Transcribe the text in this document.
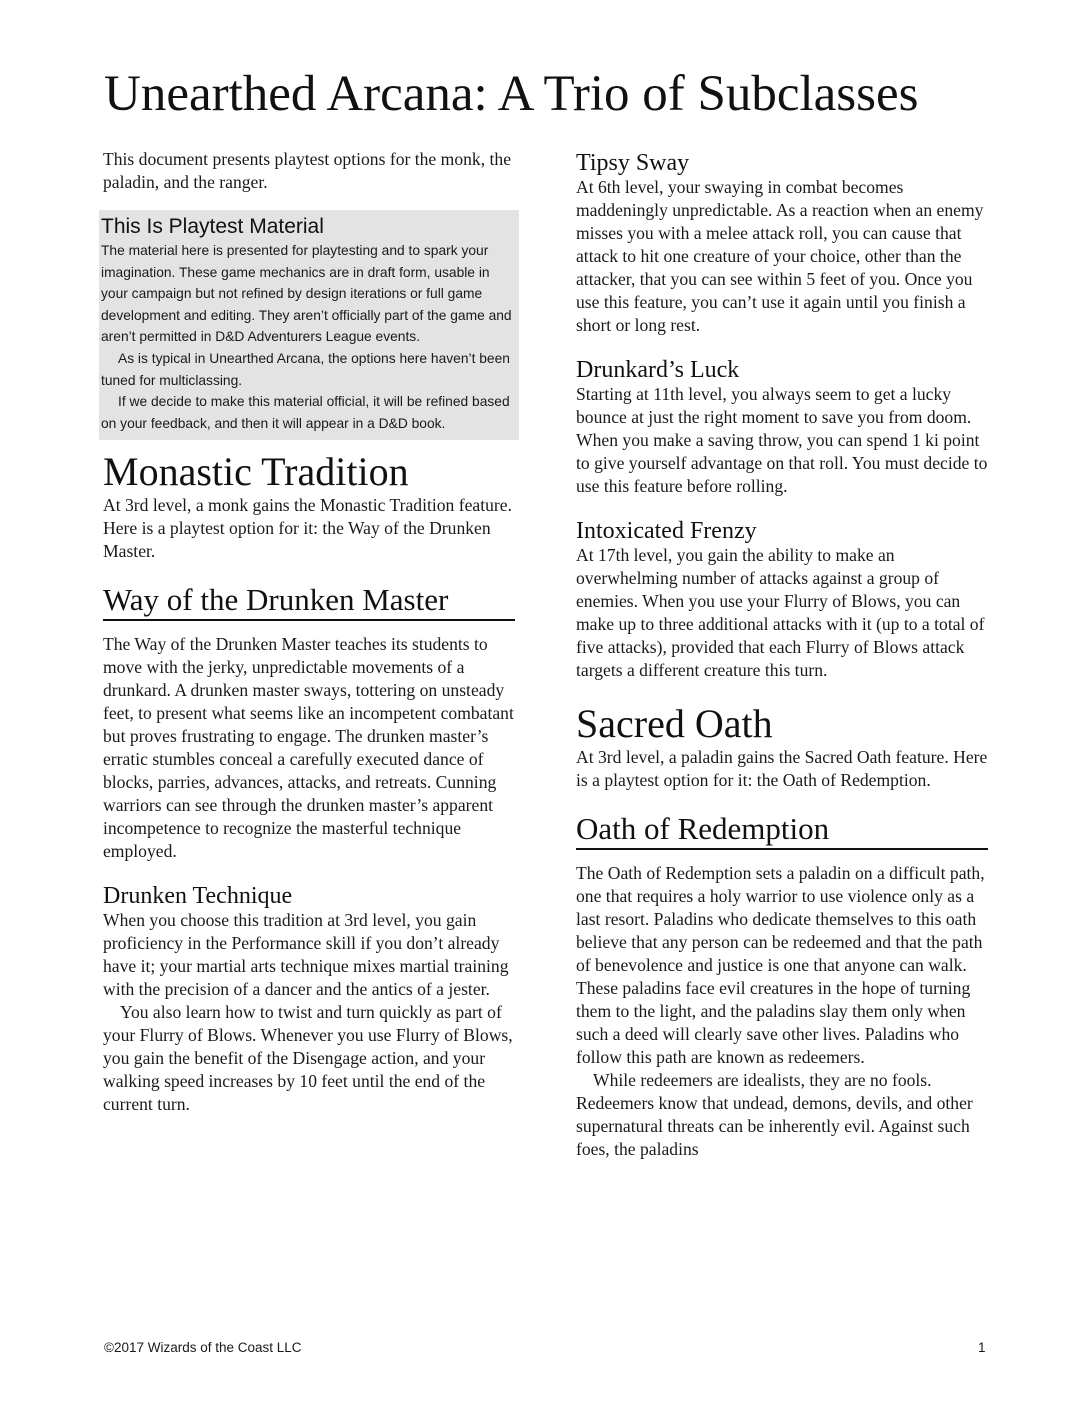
Unearthed Arcana: A Trio of Subclasses

This document presents playtest options for the monk, the paladin, and the ranger.

This Is Playtest Material

The material here is presented for playtesting and to spark your imagination. These game mechanics are in draft form, usable in your campaign but not refined by design iterations or full game development and editing. They aren’t officially part of the game and aren’t permitted in D&D Adventurers League events.

As is typical in Unearthed Arcana, the options here haven’t been tuned for multiclassing.

If we decide to make this material official, it will be refined based on your feedback, and then it will appear in a D&D book.

Monastic Tradition

At 3rd level, a monk gains the Monastic Tradition feature. Here is a playtest option for it: the Way of the Drunken Master.

Way of the Drunken Master

The Way of the Drunken Master teaches its students to move with the jerky, unpredictable movements of a drunkard. A drunken master sways, tottering on unsteady feet, to present what seems like an incompetent combatant but proves frustrating to engage. The drunken master’s erratic stumbles conceal a carefully executed dance of blocks, parries, advances, attacks, and retreats. Cunning warriors can see through the drunken master’s apparent incompetence to recognize the masterful technique employed.

Drunken Technique

When you choose this tradition at 3rd level, you gain proficiency in the Performance skill if you don’t already have it; your martial arts technique mixes martial training with the precision of a dancer and the antics of a jester.

You also learn how to twist and turn quickly as part of your Flurry of Blows. Whenever you use Flurry of Blows, you gain the benefit of the Disengage action, and your walking speed increases by 10 feet until the end of the current turn.

Tipsy Sway

At 6th level, your swaying in combat becomes maddeningly unpredictable. As a reaction when an enemy misses you with a melee attack roll, you can cause that attack to hit one creature of your choice, other than the attacker, that you can see within 5 feet of you. Once you use this feature, you can’t use it again until you finish a short or long rest.

Drunkard’s Luck

Starting at 11th level, you always seem to get a lucky bounce at just the right moment to save you from doom. When you make a saving throw, you can spend 1 ki point to give yourself advantage on that roll. You must decide to use this feature before rolling.

Intoxicated Frenzy

At 17th level, you gain the ability to make an overwhelming number of attacks against a group of enemies. When you use your Flurry of Blows, you can make up to three additional attacks with it (up to a total of five attacks), provided that each Flurry of Blows attack targets a different creature this turn.

Sacred Oath

At 3rd level, a paladin gains the Sacred Oath feature. Here is a playtest option for it: the Oath of Redemption.

Oath of Redemption

The Oath of Redemption sets a paladin on a difficult path, one that requires a holy warrior to use violence only as a last resort. Paladins who dedicate themselves to this oath believe that any person can be redeemed and that the path of benevolence and justice is one that anyone can walk. These paladins face evil creatures in the hope of turning them to the light, and the paladins slay them only when such a deed will clearly save other lives. Paladins who follow this path are known as redeemers.

While redeemers are idealists, they are no fools. Redeemers know that undead, demons, devils, and other supernatural threats can be inherently evil. Against such foes, the paladins

©2017 Wizards of the Coast LLC	1
